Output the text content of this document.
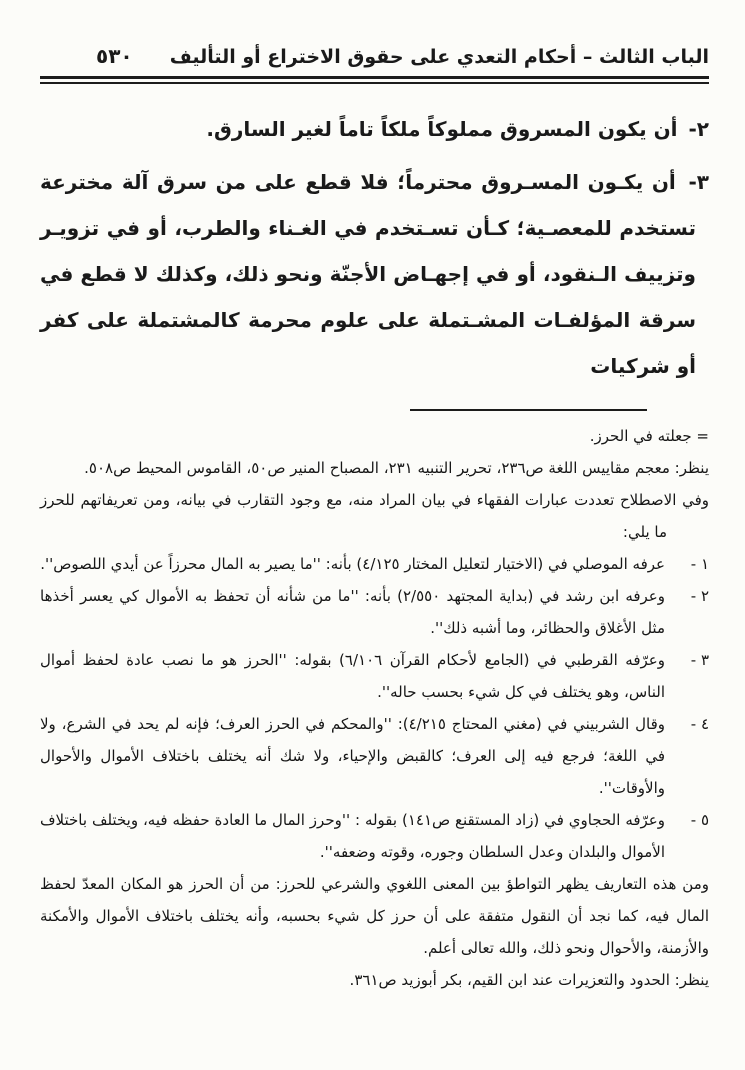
الباب الثالث – أحكام التعدي على حقوق الاختراع أو التأليف
٥٣٠

٢- أن يكون المسروق مملوكاً ملكاً تاماً لغير السارق.

٣- أن يكـون المسـروق محترماً؛ فلا قطع على من سرق آلة مخترعة تستخدم للمعصـية؛ كـأن تسـتخدم في الغـناء والطرب، أو في تزويـر وتزييف الـنقود، أو في إجهـاض الأجنّة ونحو ذلك، وكذلك لا قطع في سرقة المؤلفـات المشـتملة على علوم محرمة كالمشتملة على كفر أو شركيات

= جعلته في الحرز.

ينظر: معجم مقاييس اللغة ص٢٣٦، تحرير التنبيه ٢٣١، المصباح المنير ص٥٠، القاموس المحيط ص٥٠٨.

وفي الاصطلاح تعددت عبارات الفقهاء في بيان المراد منه، مع وجود التقارب في بيانه، ومن تعريفاتهم للحرز ما يلي:

١ -
عرفه الموصلي في (الاختيار لتعليل المختار ٤/١٢٥) بأنه: ''ما يصير به المال محرزاً عن أيدي اللصوص''.
٢ -
وعرفه ابن رشد في (بداية المجتهد ٢/٥٥٠) بأنه: ''ما من شأنه أن تحفظ به الأموال كي يعسر أخذها مثل الأغلاق والحظائر، وما أشبه ذلك''.
٣ -
وعرّفه القرطبي في (الجامع لأحكام القرآن ٦/١٠٦) بقوله: ''الحرز هو ما نصب عادة لحفظ أموال الناس، وهو يختلف في كل شيء بحسب حاله''.
٤ -
وقال الشربيني في (مغني المحتاج ٤/٢١٥): ''والمحكم في الحرز العرف؛ فإنه لم يحد في الشرع، ولا في اللغة؛ فرجع فيه إلى العرف؛ كالقبض والإحياء، ولا شك أنه يختلف باختلاف الأموال والأحوال والأوقات''.
٥ -
وعرّفه الحجاوي في (زاد المستقنع ص١٤١) بقوله : ''وحرز المال ما العادة حفظه فيه، ويختلف باختلاف الأموال والبلدان وعدل السلطان وجوره، وقوته وضعفه''.

ومن هذه التعاريف يظهر التواطؤ بين المعنى اللغوي والشرعي للحرز: من أن الحرز هو المكان المعدّ لحفظ المال فيه، كما نجد أن النقول متفقة على أن حرز كل شيء بحسبه، وأنه يختلف باختلاف الأموال والأمكنة والأزمنة، والأحوال ونحو ذلك، والله تعالى أعلم.

ينظر: الحدود والتعزيرات عند ابن القيم، بكر أبوزيد ص٣٦١.
